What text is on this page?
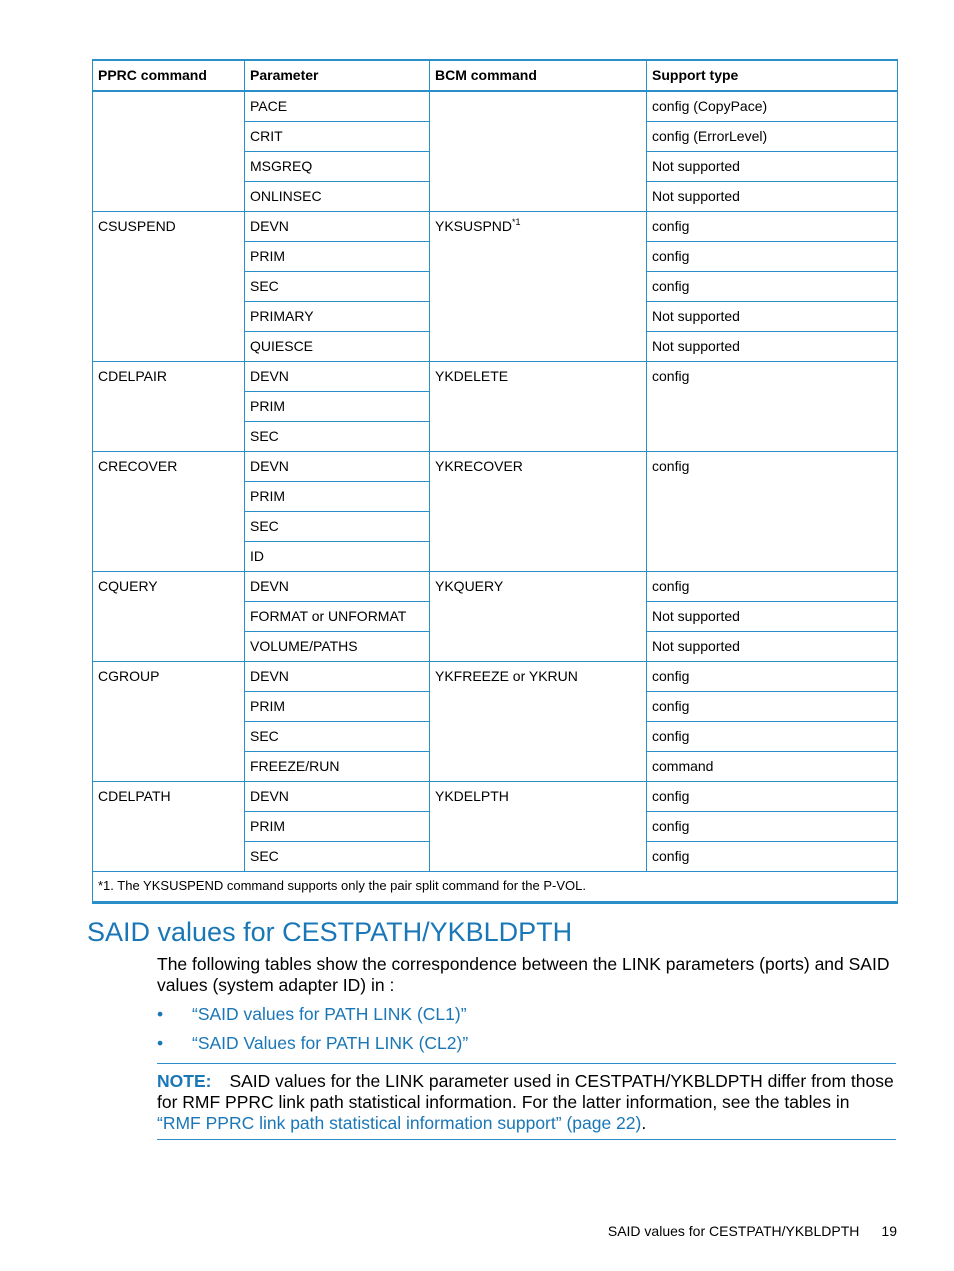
PPRC command	Parameter	BCM command	Support type
	PACE		config (CopyPace)
	CRIT		config (ErrorLevel)
	MSGREQ		Not supported
	ONLINSEC		Not supported
CSUSPEND	DEVN	YKSUSPND$^{*1}$	config
	PRIM		config
	SEC		config
	PRIMARY		Not supported
	QUIESCE		Not supported
CDELPAIR	DEVN	YKDELETE	config
	PRIM		
	SEC		
CRECOVER	DEVN	YKRECOVER	config
	PRIM		
	SEC		
	ID		
CQUERY	DEVN	YKQUERY	config
	FORMAT or UNFORMAT		Not supported
	VOLUME/PATHS		Not supported
CGROUP	DEVN	YKFREEZE or YKRUN	config
	PRIM		config
	SEC		config
	FREEZE/RUN		command
CDELPATH	DEVN	YKDELPTH	config
	PRIM		config
	SEC		config
*1. The YKSUSPEND command supports only the pair split command for the P-VOL.			
SAID values for CESTPATH/YKBLDPTH

The following tables show the correspondence between the LINK parameters (ports) and SAID values (system adapter ID) in :

• “SAID values for PATH LINK (CL1)”
• “SAID Values for PATH LINK (CL2)”
NOTE: SAID values for the LINK parameter used in CESTPATH/YKBLDPTH differ from those for RMF PPRC link path statistical information. For the latter information, see the tables in “RMF PPRC link path statistical information support” (page 22).
SAID values for CESTPATH/YKBLDPTH 19
